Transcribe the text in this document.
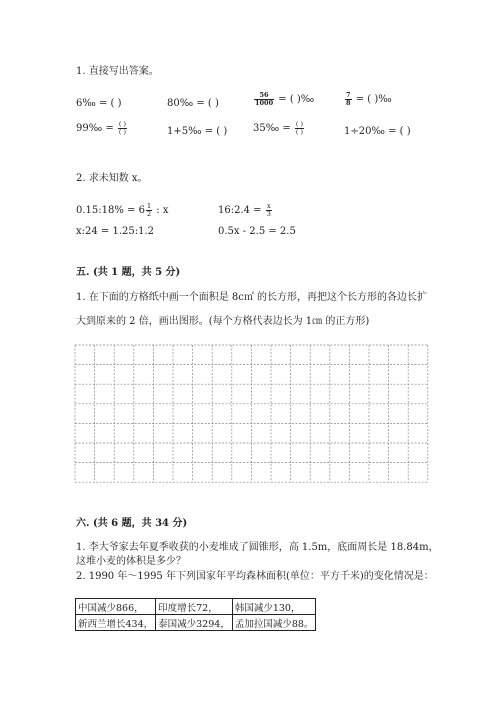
1. 直接写出答案。
6‰ = ( )	80‰ = ( )	$\frac{56}{1000}$ = ( )‰	$\frac{7}{8}$ = ( )‰
99‰ = $\frac{( )}{( )}$	1+5‰ = ( )	35‰ = $\frac{( )}{( )}$	1÷20‰ = ( )
2. 求未知数 x。
0.15:18% = $6 \frac{1}{2}$ : x	16:2.4 = $\frac{x}{3}$
x:24 = 1.25:1.2	0.5x - 2.5 = 2.5
五. (共 1 题，共 5 分)
1. 在下面的方格纸中画一个面积是 8c㎡ 的长方形，再把这个长方形的各边长扩
大到原来的 2 倍，画出图形。(每个方格代表边长为 1㎝ 的正方形)
六. (共 6 题，共 34 分)
1. 李大爷家去年夏季收获的小麦堆成了圆锥形，高 1.5m，底面周长是 18.84m，
这堆小麦的体积是多少？
2. 1990 年～1995 年下列国家年平均森林面积(单位：平方千米)的变化情况是：
中国减少866，	印度增长72，	韩国减少130，
新西兰增长434，	泰国减少3294，	孟加拉国减少88。
